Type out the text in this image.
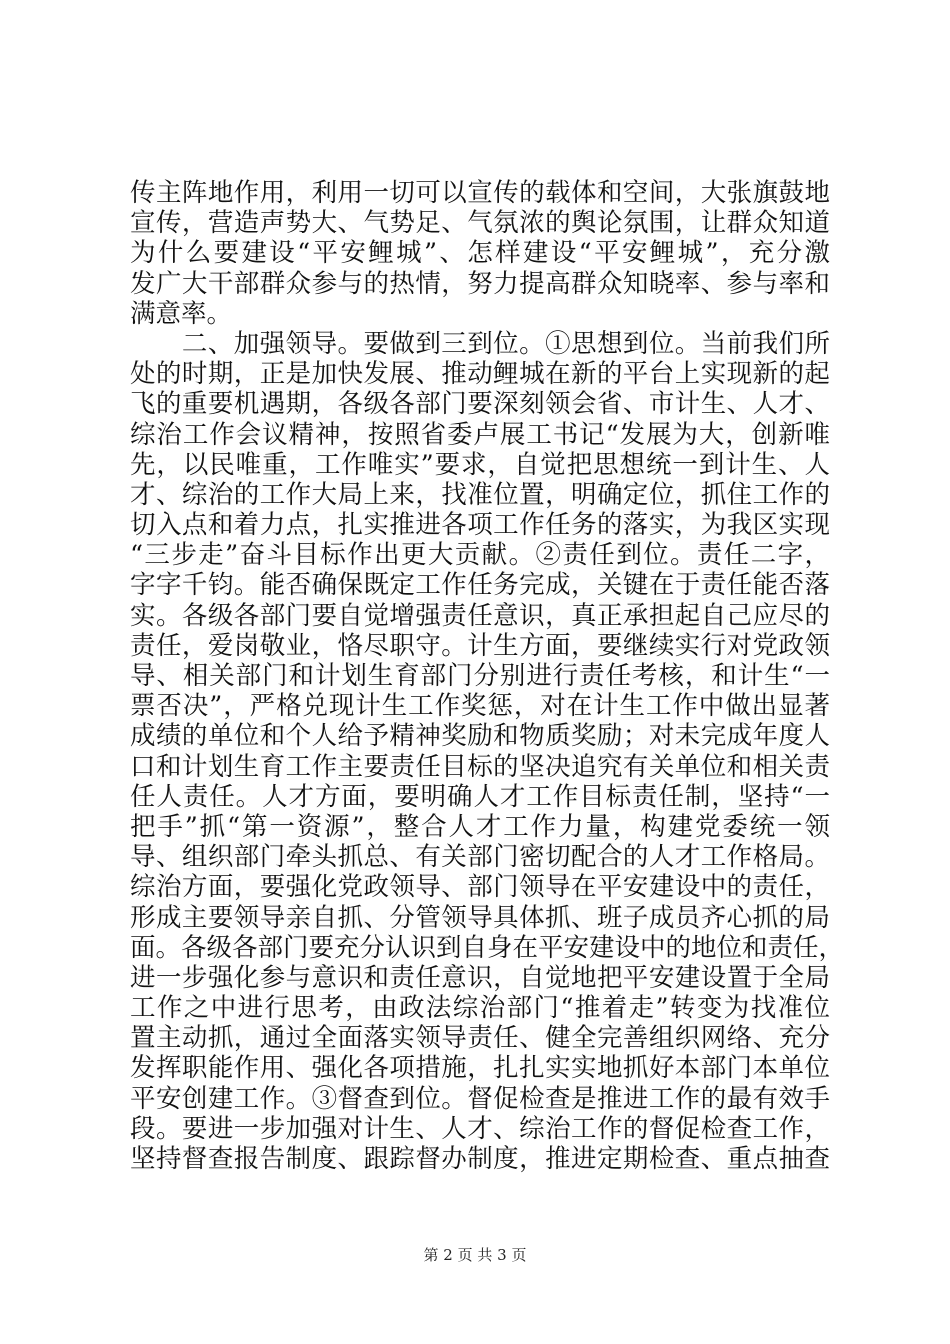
传主阵地作用，利用一切可以宣传的载体和空间，大张旗鼓地
宣传，营造声势大、气势足、气氛浓的舆论氛围，让群众知道
为什么要建设“平安鲤城”、怎样建设“平安鲤城”，充分激
发广大干部群众参与的热情，努力提高群众知晓率、参与率和
满意率。
　　二、加强领导。要做到三到位。①思想到位。当前我们所
处的时期，正是加快发展、推动鲤城在新的平台上实现新的起
飞的重要机遇期，各级各部门要深刻领会省、市计生、人才、
综治工作会议精神，按照省委卢展工书记“发展为大，创新唯
先，以民唯重，工作唯实”要求，自觉把思想统一到计生、人
才、综治的工作大局上来，找准位置，明确定位，抓住工作的
切入点和着力点，扎实推进各项工作任务的落实，为我区实现
“三步走”奋斗目标作出更大贡献。②责任到位。责任二字，
字字千钧。能否确保既定工作任务完成，关键在于责任能否落
实。各级各部门要自觉增强责任意识，真正承担起自己应尽的
责任，爱岗敬业，恪尽职守。计生方面，要继续实行对党政领
导、相关部门和计划生育部门分别进行责任考核，和计生“一
票否决”，严格兑现计生工作奖惩，对在计生工作中做出显著
成绩的单位和个人给予精神奖励和物质奖励；对未完成年度人
口和计划生育工作主要责任目标的坚决追究有关单位和相关责
任人责任。人才方面，要明确人才工作目标责任制，坚持“一
把手”抓“第一资源”，整合人才工作力量，构建党委统一领
导、组织部门牵头抓总、有关部门密切配合的人才工作格局。
综治方面，要强化党政领导、部门领导在平安建设中的责任，
形成主要领导亲自抓、分管领导具体抓、班子成员齐心抓的局
面。各级各部门要充分认识到自身在平安建设中的地位和责任，
进一步强化参与意识和责任意识，自觉地把平安建设置于全局
工作之中进行思考，由政法综治部门“推着走”转变为找准位
置主动抓，通过全面落实领导责任、健全完善组织网络、充分
发挥职能作用、强化各项措施，扎扎实实地抓好本部门本单位
平安创建工作。③督查到位。督促检查是推进工作的最有效手
段。要进一步加强对计生、人才、综治工作的督促检查工作，
坚持督查报告制度、跟踪督办制度，推进定期检查、重点抽查
第 2 页 共 3 页
